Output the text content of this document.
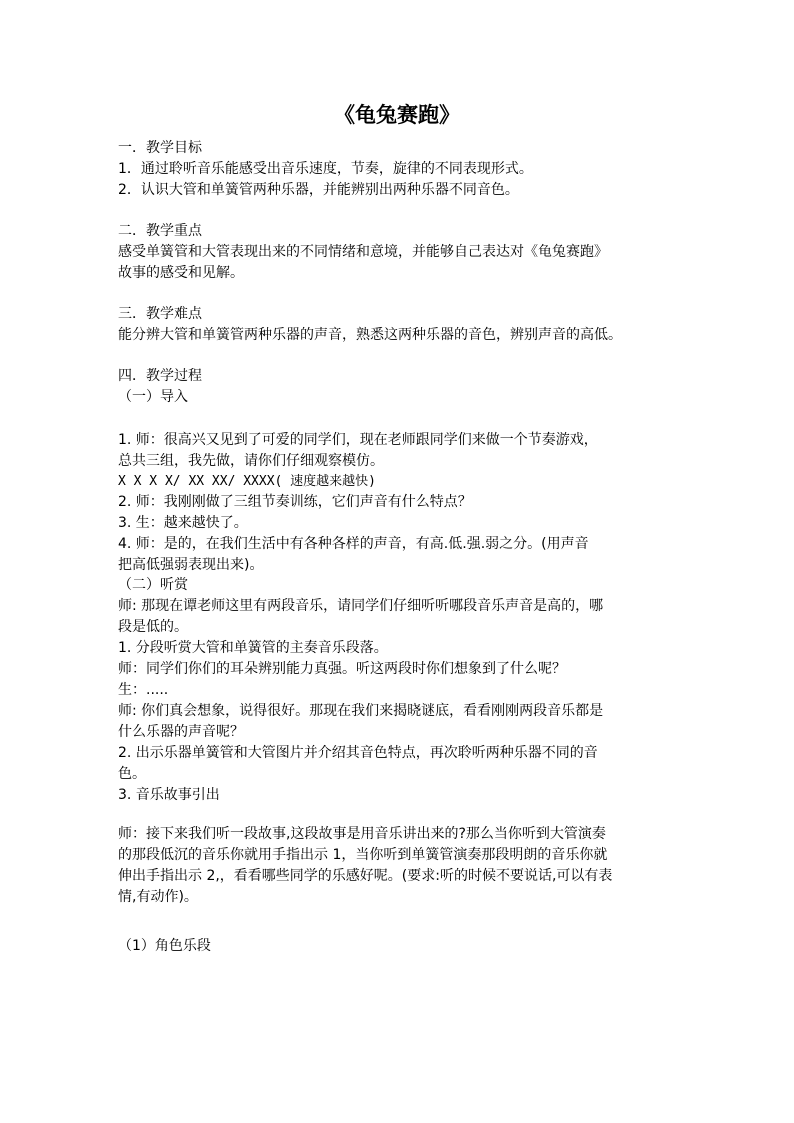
《龟兔赛跑》
一．教学目标
1．通过聆听音乐能感受出音乐速度，节奏，旋律的不同表现形式。
2．认识大管和单簧管两种乐器，并能辨别出两种乐器不同音色。
二．教学重点
感受单簧管和大管表现出来的不同情绪和意境，并能够自己表达对《龟兔赛跑》
故事的感受和见解。
三．教学难点
能分辨大管和单簧管两种乐器的声音，熟悉这两种乐器的音色，辨别声音的高低。
四．教学过程
（一）导入
1. 师：很高兴又见到了可爱的同学们，现在老师跟同学们来做一个节奏游戏，
总共三组，我先做，请你们仔细观察模仿。
X X X X/ XX XX/ XXXX( 速度越来越快)
2. 师：我刚刚做了三组节奏训练，它们声音有什么特点？
3. 生：越来越快了。
4. 师：是的，在我们生活中有各种各样的声音，有高.低.强.弱之分。(用声音
把高低强弱表现出来)。
（二）听赏
师: 那现在谭老师这里有两段音乐，请同学们仔细听听哪段音乐声音是高的，哪
段是低的。
1. 分段听赏大管和单簧管的主奏音乐段落。
师：同学们你们的耳朵辨别能力真强。听这两段时你们想象到了什么呢？
生：.....
师: 你们真会想象，说得很好。那现在我们来揭晓谜底，看看刚刚两段音乐都是
什么乐器的声音呢？
2. 出示乐器单簧管和大管图片并介绍其音色特点，再次聆听两种乐器不同的音
色。
3. 音乐故事引出
师：接下来我们听一段故事,这段故事是用音乐讲出来的?那么当你听到大管演奏
的那段低沉的音乐你就用手指出示 1，当你听到单簧管演奏那段明朗的音乐你就
伸出手指出示 2,，看看哪些同学的乐感好呢。(要求:听的时候不要说话,可以有表
情,有动作)。
（1）角色乐段
